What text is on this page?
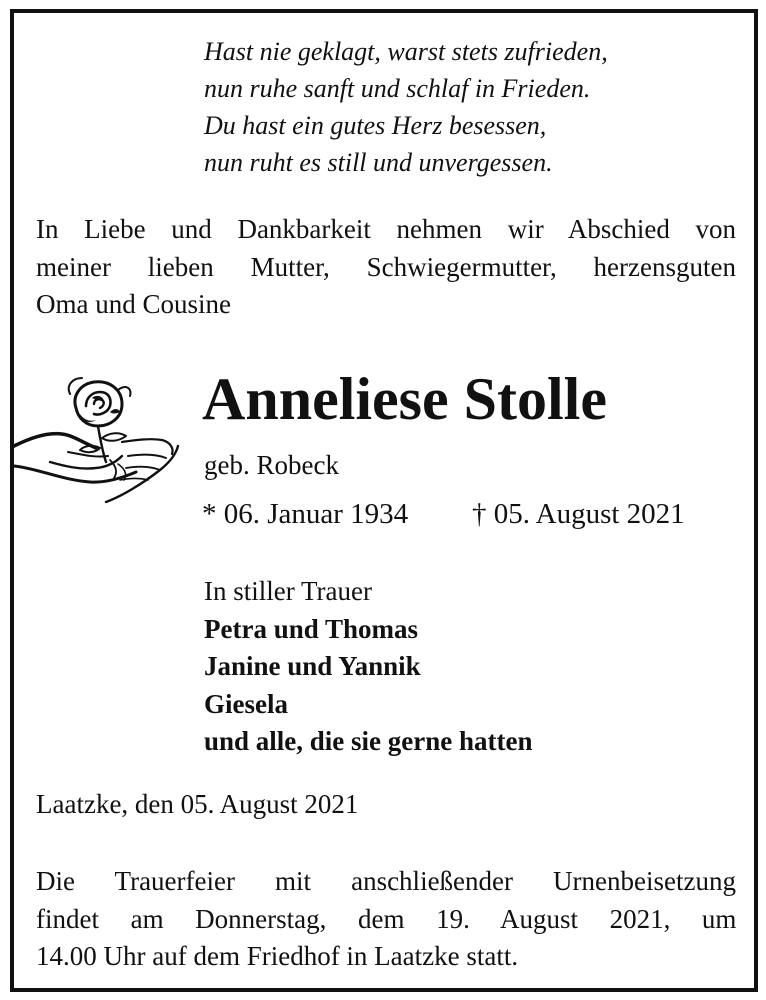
Hast nie geklagt, warst stets zufrieden,
nun ruhe sanft und schlaf in Frieden.
Du hast ein gutes Herz besessen,
nun ruht es still und unvergessen.
In Liebe und Dankbarkeit nehmen wir Abschied von
meiner lieben Mutter, Schwiegermutter, herzensguten
Oma und Cousine
Anneliese Stolle
geb. Robeck
* 06. Januar 1934 † 05. August 2021
In stiller Trauer
Petra und Thomas
Janine und Yannik
Giesela
und alle, die sie gerne hatten
Laatzke, den 05. August 2021
Die Trauerfeier mit anschließender Urnenbeisetzung
findet am Donnerstag, dem 19. August 2021, um
14.00 Uhr auf dem Friedhof in Laatzke statt.
